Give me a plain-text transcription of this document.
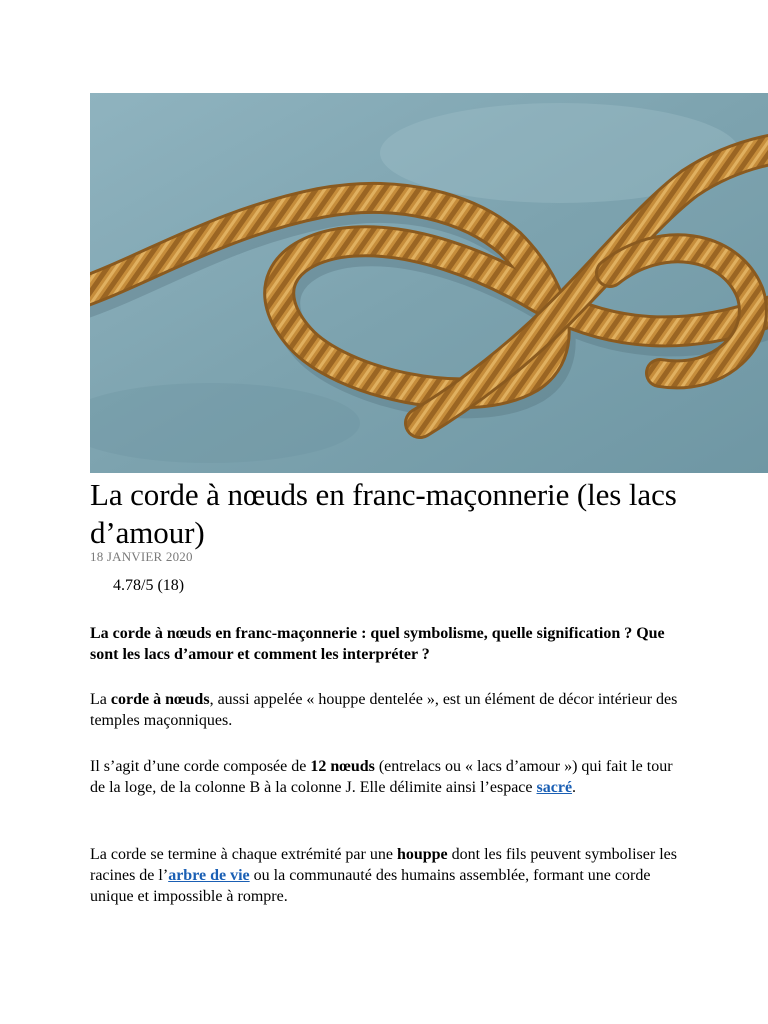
La corde à nœuds en franc-maçonnerie (les lacs d’amour)
18 JANVIER 2020
4.78/5 (18)

La corde à nœuds en franc-maçonnerie : quel symbolisme, quelle signification ? Que sont les lacs d’amour et comment les interpréter ?

La corde à nœuds, aussi appelée « houppe dentelée », est un élément de décor intérieur des temples maçonniques.

Il s’agit d’une corde composée de 12 nœuds (entrelacs ou « lacs d’amour ») qui fait le tour de la loge, de la colonne B à la colonne J. Elle délimite ainsi l’espace sacré.

La corde se termine à chaque extrémité par une houppe dont les fils peuvent symboliser les racines de l’arbre de vie ou la communauté des humains assemblée, formant une corde unique et impossible à rompre.
